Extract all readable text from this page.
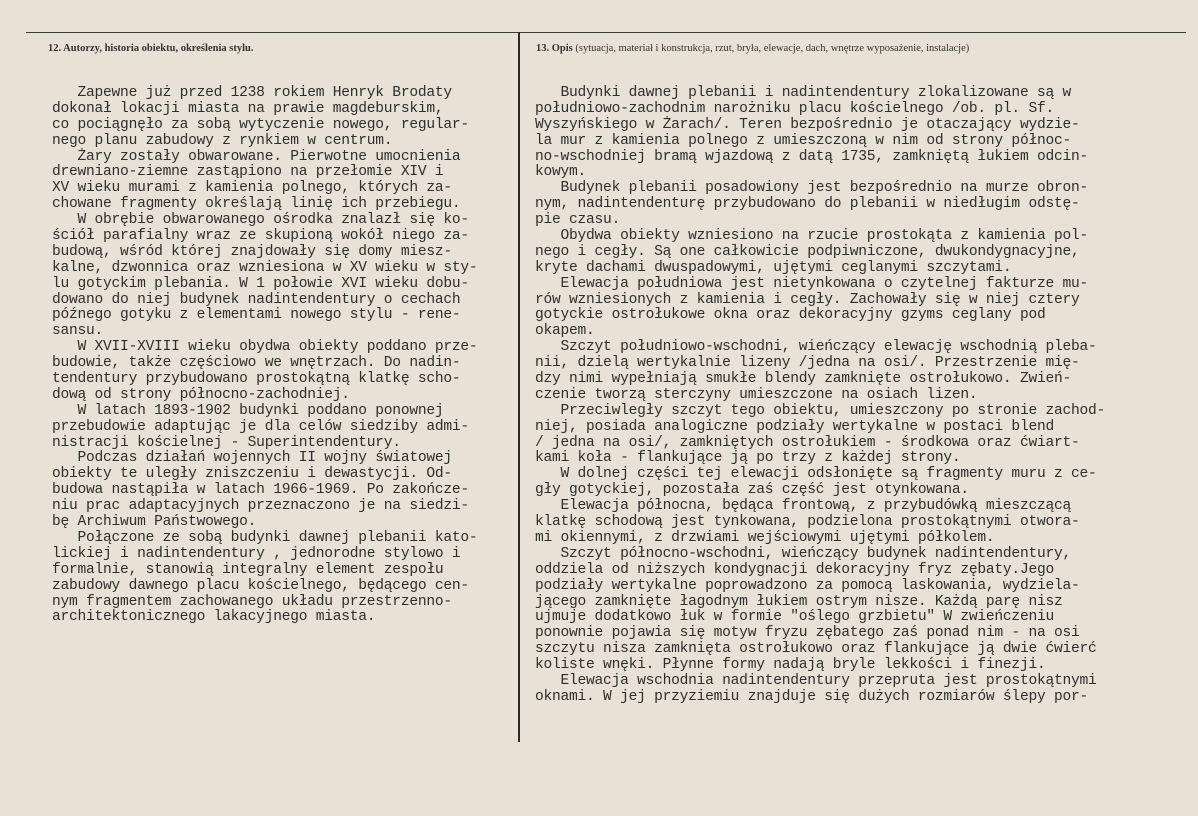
12. Autorzy, historia obiektu, określenia stylu.	13. Opis (sytuacja, materiał i konstrukcja, rzut, bryła, elewacje, dach, wnętrze wyposażenie, instalacje)
Zapewne już przed 1238 rokiem Henryk Brodaty
dokonał lokacji miasta na prawie magdeburskim,
co pociągnęło za sobą wytyczenie nowego, regular-
nego planu zabudowy z rynkiem w centrum.
Żary zostały obwarowane. Pierwotne umocnienia
drewniano-ziemne zastąpiono na przełomie XIV i
XV wieku murami z kamienia polnego, których za-
chowane fragmenty określają linię ich przebiegu.
W obrębie obwarowanego ośrodka znalazł się ko-
ściół parafialny wraz ze skupioną wokół niego za-
budową, wśród której znajdowały się domy miesz-
kalne, dzwonnica oraz wzniesiona w XV wieku w sty-
lu gotyckim plebania. W 1 połowie XVI wieku dobu-
dowano do niej budynek nadintendentury o cechach
późnego gotyku z elementami nowego stylu - rene-
sansu.
W XVII-XVIII wieku obydwa obiekty poddano prze-
budowie, także częściowo we wnętrzach. Do nadin-
tendentury przybudowano prostokątną klatkę scho-
dową od strony północno-zachodniej.
W latach 1893-1902 budynki poddano ponownej
przebudowie adaptując je dla celów siedziby admi-
nistracji kościelnej - Superintendentury.
Podczas działań wojennych II wojny światowej
obiekty te uległy zniszczeniu i dewastycji. Od-
budowa nastąpiła w latach 1966-1969. Po zakończe-
niu prac adaptacyjnych przeznaczono je na siedzi-
bę Archiwum Państwowego.
Połączone ze sobą budynki dawnej plebanii kato-
lickiej i nadintendentury , jednorodne stylowo i
formalnie, stanowią integralny element zespołu
zabudowy dawnego placu kościelnego, będącego cen-
nym fragmentem zachowanego układu przestrzenno-
architektonicznego lakacyjnego miasta.
Budynki dawnej plebanii i nadintendentury zlokalizowane są w
południowo-zachodnim narożniku placu kościelnego /ob. pl. Sf.
Wyszyńskiego w Żarach/. Teren bezpośrednio je otaczający wydzie-
la mur z kamienia polnego z umieszczoną w nim od strony północ-
no-wschodniej bramą wjazdową z datą 1735, zamkniętą łukiem odcin-
kowym.
Budynek plebanii posadowiony jest bezpośrednio na murze obron-
nym, nadintendenturę przybudowano do plebanii w niedługim odstę-
pie czasu.
Obydwa obiekty wzniesiono na rzucie prostokąta z kamienia pol-
nego i cegły. Są one całkowicie podpiwniczone, dwukondygnacyjne,
kryte dachami dwuspadowymi, ujętymi ceglanymi szczytami.
Elewacja południowa jest nietynkowana o czytelnej fakturze mu-
rów wzniesionych z kamienia i cegły. Zachowały się w niej cztery
gotyckie ostrołukowe okna oraz dekoracyjny gzyms ceglany pod
okapem.
Szczyt południowo-wschodni, wieńczący elewację wschodnią pleba-
nii, dzielą wertykalnie lizeny /jedna na osi/. Przestrzenie mię-
dzy nimi wypełniają smukłe blendy zamknięte ostrołukowo. Zwień-
czenie tworzą sterczyny umieszczone na osiach lizen.
Przeciwległy szczyt tego obiektu, umieszczony po stronie zachod-
niej, posiada analogiczne podziały wertykalne w postaci blend
/ jedna na osi/, zamkniętych ostrołukiem - środkowa oraz ćwiart-
kami koła - flankujące ją po trzy z każdej strony.
W dolnej części tej elewacji odsłonięte są fragmenty muru z ce-
gły gotyckiej, pozostała zaś część jest otynkowana.
Elewacja północna, będąca frontową, z przybudówką mieszczącą
klatkę schodową jest tynkowana, podzielona prostokątnymi otwora-
mi okiennymi, z drzwiami wejściowymi ujętymi półkolem.
Szczyt północno-wschodni, wieńczący budynek nadintendentury,
oddziela od niższych kondygnacji dekoracyjny fryz zębaty.Jego
podziały wertykalne poprowadzono za pomocą laskowania, wydziela-
jącego zamknięte łagodnym łukiem ostrym nisze. Każdą parę nisz
ujmuje dodatkowo łuk w formie "oślego grzbietu" W zwieńczeniu
ponownie pojawia się motyw fryzu zębatego zaś ponad nim - na osi
szczytu nisza zamknięta ostrołukowo oraz flankujące ją dwie ćwierć
koliste wnęki. Płynne formy nadają bryle lekkości i finezji.
Elewacja wschodnia nadintendentury przepruta jest prostokątnymi
oknami. W jej przyziemiu znajduje się dużych rozmiarów ślepy por-
